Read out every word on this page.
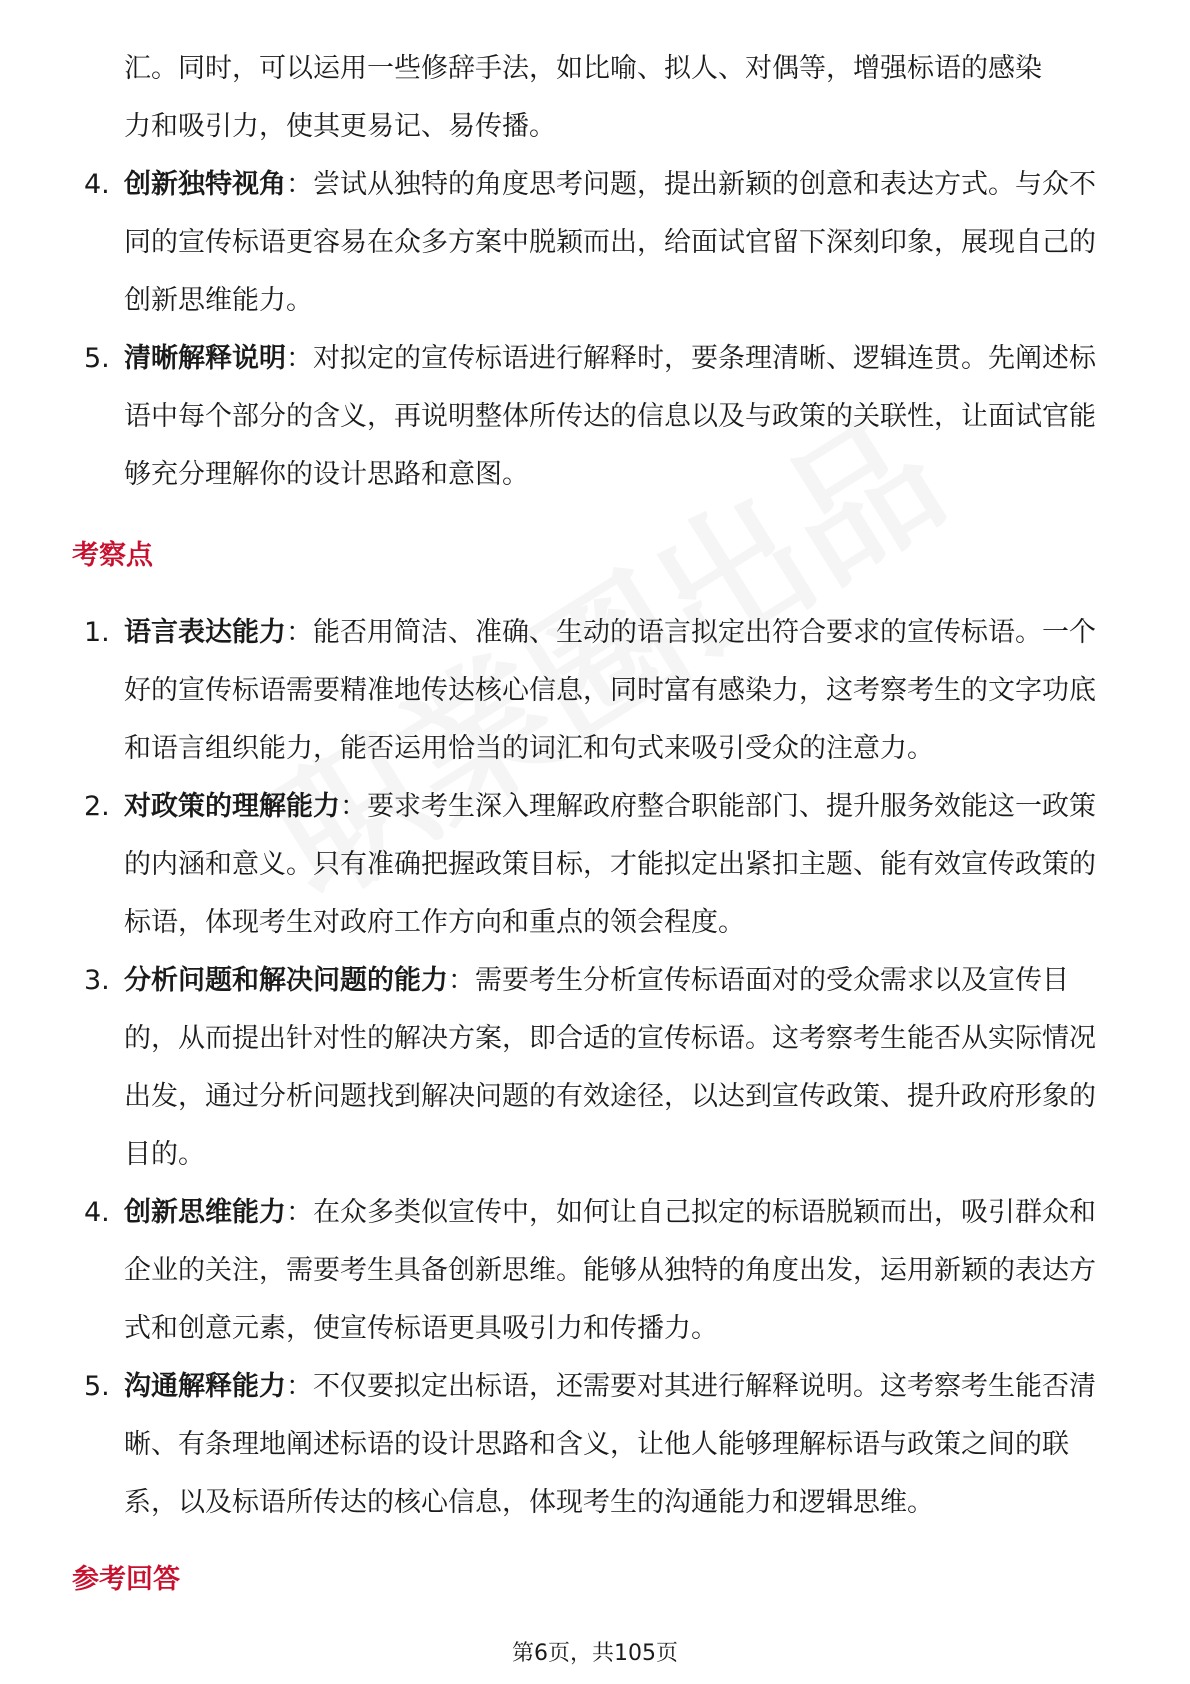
汇。同时，可以运用一些修辞手法，如比喻、拟人、对偶等，增强标语的感染

力和吸引力，使其更易记、易传播。

4. 创新独特视角：尝试从独特的角度思考问题，提出新颖的创意和表达方式。与众不同的宣传标语更容易在众多方案中脱颖而出，给面试官留下深刻印象，展现自己的创新思维能力。
5. 清晰解释说明：对拟定的宣传标语进行解释时，要条理清晰、逻辑连贯。先阐述标语中每个部分的含义，再说明整体所传达的信息以及与政策的关联性，让面试官能够充分理解你的设计思路和意图。
考察点
1. 语言表达能力：能否用简洁、准确、生动的语言拟定出符合要求的宣传标语。一个好的宣传标语需要精准地传达核心信息，同时富有感染力，这考察考生的文字功底和语言组织能力，能否运用恰当的词汇和句式来吸引受众的注意力。
2. 对政策的理解能力：要求考生深入理解政府整合职能部门、提升服务效能这一政策的内涵和意义。只有准确把握政策目标，才能拟定出紧扣主题、能有效宣传政策的标语，体现考生对政府工作方向和重点的领会程度。
3. 分析问题和解决问题的能力：需要考生分析宣传标语面对的受众需求以及宣传目的，从而提出针对性的解决方案，即合适的宣传标语。这考察考生能否从实际情况出发，通过分析问题找到解决问题的有效途径，以达到宣传政策、提升政府形象的目的。
4. 创新思维能力：在众多类似宣传中，如何让自己拟定的标语脱颖而出，吸引群众和企业的关注，需要考生具备创新思维。能够从独特的角度出发，运用新颖的表达方式和创意元素，使宣传标语更具吸引力和传播力。
5. 沟通解释能力：不仅要拟定出标语，还需要对其进行解释说明。这考察考生能否清晰、有条理地阐述标语的设计思路和含义，让他人能够理解标语与政策之间的联系，以及标语所传达的核心信息，体现考生的沟通能力和逻辑思维。
参考回答
第6页，共105页
